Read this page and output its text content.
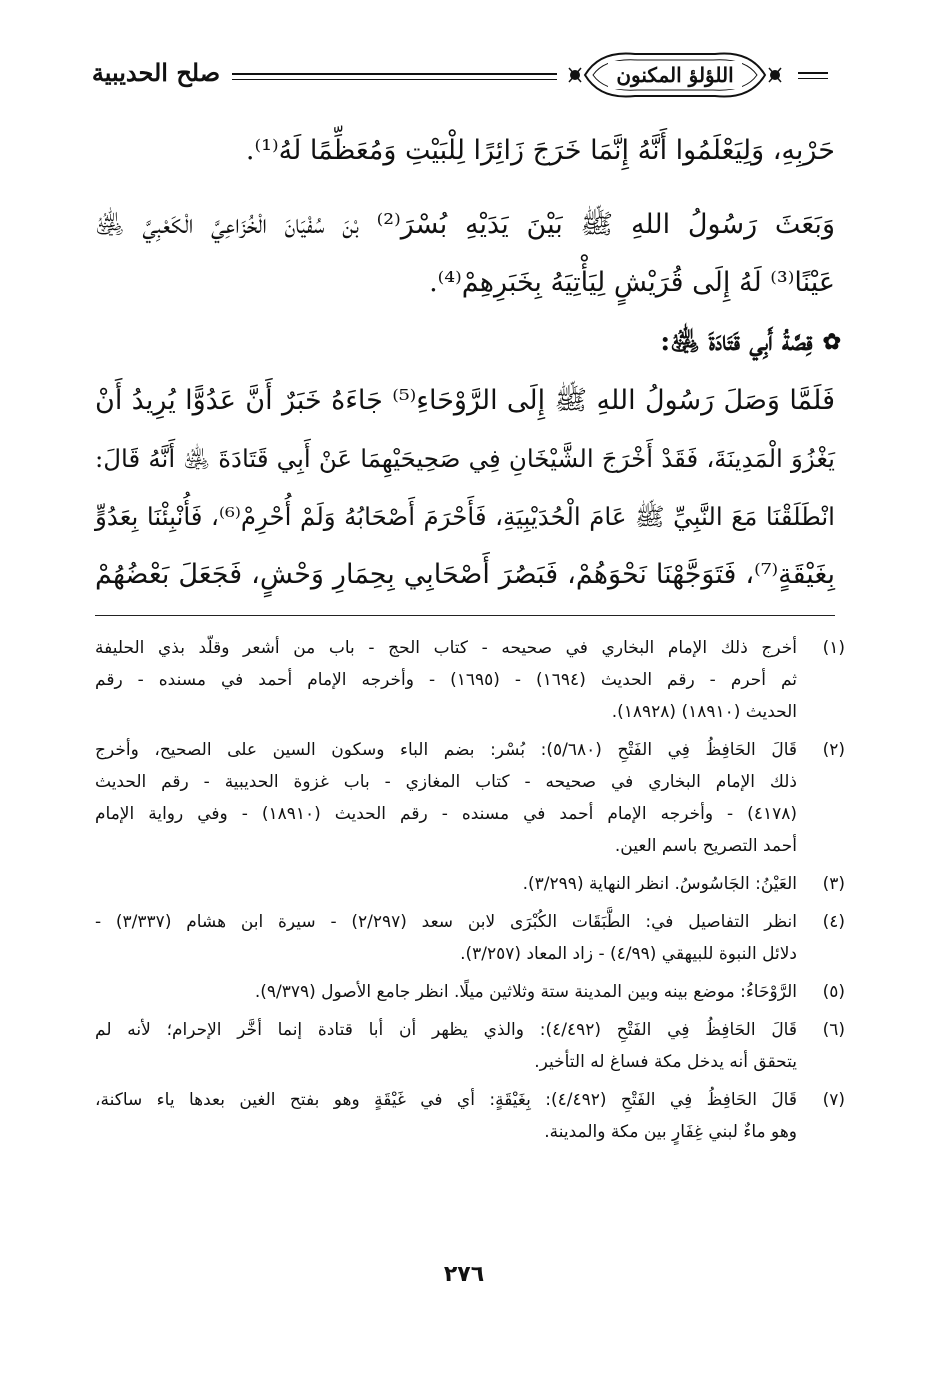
اللؤلؤ المكنون
صلح الحديبية
حَرْبِهِ، وَلِيَعْلَمُوا أَنَّهُ إِنَّمَا خَرَجَ زَائِرًا لِلْبَيْتِ وَمُعَظِّمًا لَهُ⁽¹⁾.
وَبَعَثَ رَسُولُ اللهِ ﷺ بَيْنَ يَدَيْهِ بُسْرَ⁽²⁾ بْنَ سُفْيَانَ الْخُزَاعِيَّ الْكَعْبِيَّ ﵁
عَيْنًا⁽³⁾ لَهُ إِلَى قُرَيْشٍ لِيَأْتِيَهُ بِخَبَرِهِمْ⁽⁴⁾.
✿
قِصَّةُ أَبِي قَتَادَةَ ﵁:
فَلَمَّا وَصَلَ رَسُولُ اللهِ ﷺ إِلَى الرَّوْحَاءِ⁽⁵⁾ جَاءَهُ خَبَرٌ أَنَّ عَدُوًّا يُرِيدُ أَنْ
يَغْزُوَ الْمَدِينَةَ، فَقَدْ أَخْرَجَ الشَّيْخَانِ فِي صَحِيحَيْهِمَا عَنْ أَبِي قَتَادَةَ ﵁ أَنَّهُ قَالَ:
انْطَلَقْنَا مَعَ النَّبِيِّ ﷺ عَامَ الْحُدَيْبِيَةِ، فَأَحْرَمَ أَصْحَابُهُ وَلَمْ أُحْرِمْ⁽⁶⁾، فَأُنْبِئْنَا بِعَدُوٍّ
بِغَيْقَةٍ⁽⁷⁾، فَتَوَجَّهْنَا نَحْوَهُمْ، فَبَصُرَ أَصْحَابِي بِحِمَارِ وَحْشٍ، فَجَعَلَ بَعْضُهُمْ
(١)
أخرج ذلك الإمام البخاري في صحيحه - كتاب الحج - باب من أشعر وقلّد بذي الحليفة
ثم أحرم - رقم الحديث (١٦٩٤) - (١٦٩٥) - وأخرجه الإمام أحمد في مسنده - رقم
الحديث (١٨٩١٠) (١٨٩٢٨).
(٢)
قَالَ الحَافِظُ فِي الفَتْحِ (٥/٦٨٠): بُسْر: بضم الباء وسكون السين على الصحيح، وأخرج
ذلك الإمام البخاري في صحيحه - كتاب المغازي - باب غزوة الحديبية - رقم الحديث
(٤١٧٨) - وأخرجه الإمام أحمد في مسنده - رقم الحديث (١٨٩١٠) - وفي رواية الإمام
أحمد التصريح باسم العين.
(٣)
العَيْنُ: الجَاسُوسُ. انظر النهاية (٣/٢٩٩).
(٤)
انظر التفاصيل في: الطَّبَقَات الكُبْرَى لابن سعد (٢/٢٩٧) - سيرة ابن هشام (٣/٣٣٧) -
دلائل النبوة للبيهقي (٤/٩٩) - زاد المعاد (٣/٢٥٧).
(٥)
الرَّوْحَاءُ: موضع بينه وبين المدينة ستة وثلاثين ميلًا. انظر جامع الأصول (٩/٣٧٩).
(٦)
قَالَ الحَافِظُ فِي الفَتْحِ (٤/٤٩٢): والذي يظهر أن أبا قتادة إنما أخَّر الإحرام؛ لأنه لم
يتحقق أنه يدخل مكة فساغ له التأخير.
(٧)
قَالَ الحَافِظُ فِي الفَتْحِ (٤/٤٩٢): بِغَيْقَةٍ: أي في غَيْقَةٍ وهو بفتح الغين بعدها ياء ساكنة،
وهو ماءٌ لبني غِفَارٍ بين مكة والمدينة.
٢٧٦
